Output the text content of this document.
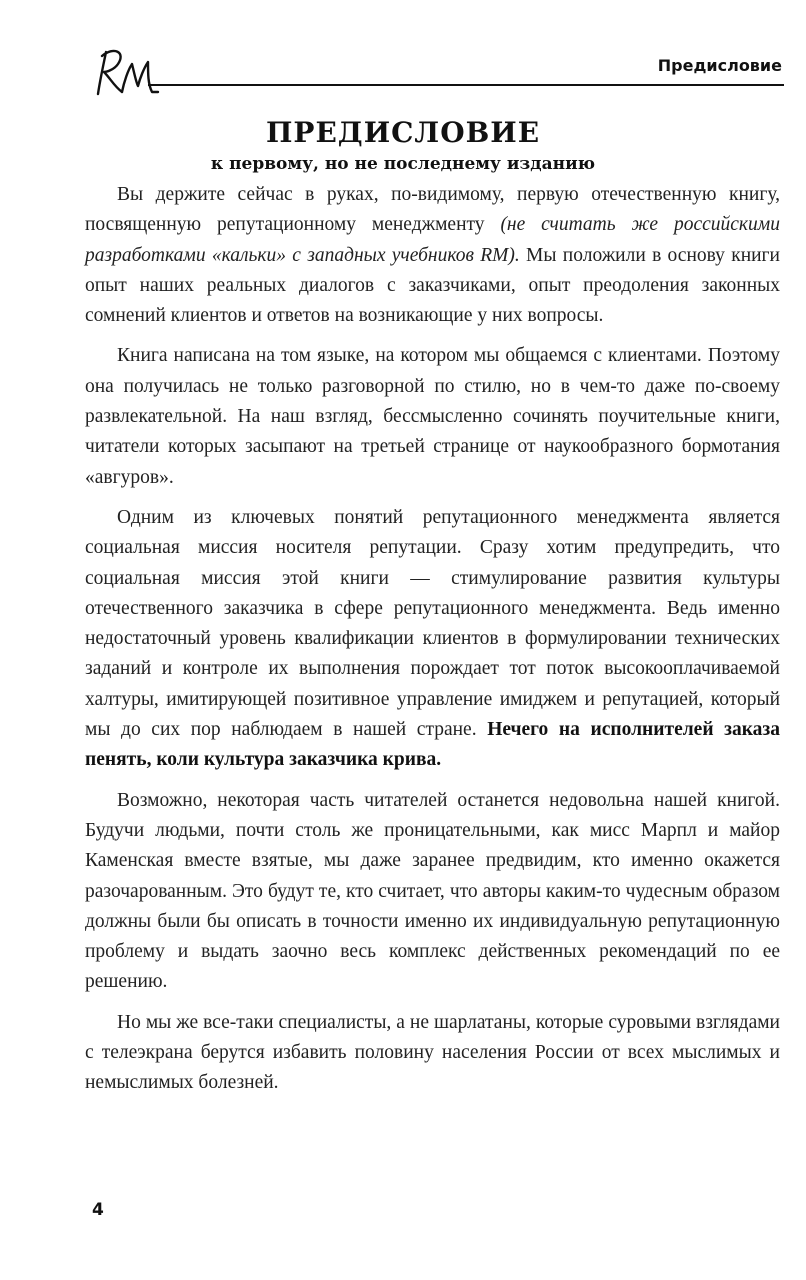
Предисловие
ПРЕДИСЛОВИЕ
к первому, но не последнему изданию

Вы держите сейчас в руках, по-видимому, первую отечественную книгу, посвященную репутационному менеджменту (не считать же российскими разработками «кальки» с западных учебников RM). Мы положили в основу книги опыт наших реальных диалогов с заказчиками, опыт преодоления законных сомнений клиентов и ответов на возникающие у них вопросы.

Книга написана на том языке, на котором мы общаемся с клиентами. Поэтому она получилась не только разговорной по стилю, но в чем-то даже по-своему развлекательной. На наш взгляд, бессмысленно сочинять поучительные книги, читатели которых засыпают на третьей странице от наукообразного бормотания «авгуров».

Одним из ключевых понятий репутационного менеджмента является социальная миссия носителя репутации. Сразу хотим предупредить, что социальная миссия этой книги — стимулирование развития культуры отечественного заказчика в сфере репутационного менеджмента. Ведь именно недостаточный уровень квалификации клиентов в формулировании технических заданий и контроле их выполнения порождает тот поток высокооплачиваемой халтуры, имитирующей позитивное управление имиджем и репутацией, который мы до сих пор наблюдаем в нашей стране. Нечего на исполнителей заказа пенять, коли культура заказчика крива.

Возможно, некоторая часть читателей останется недовольна нашей книгой. Будучи людьми, почти столь же проницательными, как мисс Марпл и майор Каменская вместе взятые, мы даже заранее предвидим, кто именно окажется разочарованным. Это будут те, кто считает, что авторы каким-то чудесным образом должны были бы описать в точности именно их индивидуальную репутационную проблему и выдать заочно весь комплекс действенных рекомендаций по ее решению.

Но мы же все-таки специалисты, а не шарлатаны, которые суровыми взглядами с телеэкрана берутся избавить половину населения России от всех мыслимых и немыслимых болезней.

4
